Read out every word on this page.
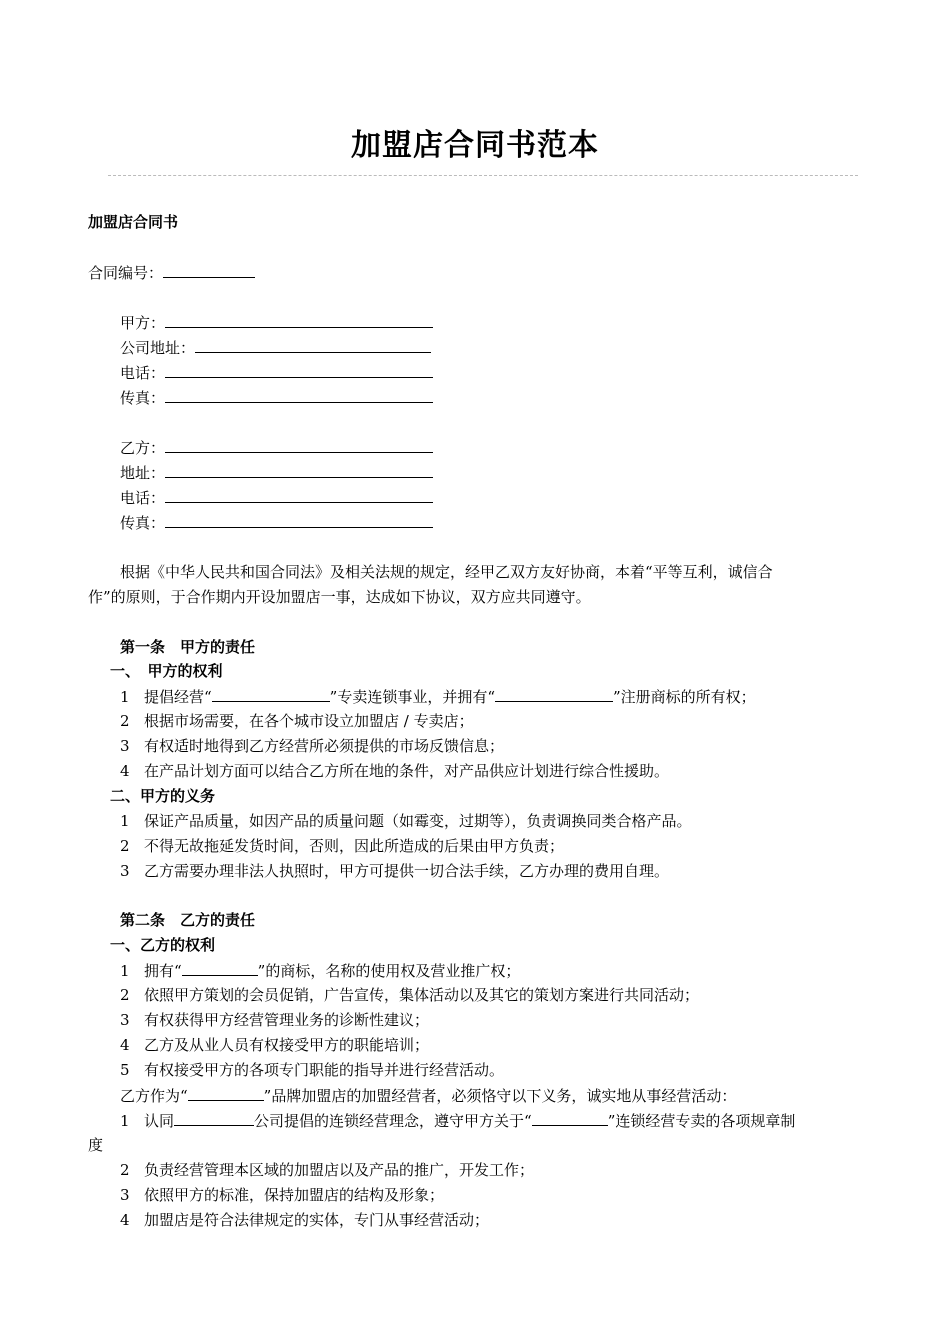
加盟店合同书范本

加盟店合同书

合同编号：

甲方：

公司地址：

电话：

传真：

乙方：

地址：

电话：

传真：

根据《中华人民共和国合同法》及相关法规的规定，经甲乙双方友好协商，本着“平等互利，诚信合

作”的原则，于合作期内开设加盟店一事，达成如下协议，双方应共同遵守。

第一条　甲方的责任

一、　甲方的权利

1 提倡经营“	”专卖连锁事业，并拥有“	”注册商标的所有权；

2 根据市场需要，在各个城市设立加盟店 / 专卖店；

3 有权适时地得到乙方经营所必须提供的市场反馈信息；

4 在产品计划方面可以结合乙方所在地的条件，对产品供应计划进行综合性援助。

二、甲方的义务

1 保证产品质量，如因产品的质量问题（如霉变，过期等），负责调换同类合格产品。

2 不得无故拖延发货时间，否则，因此所造成的后果由甲方负责；

3 乙方需要办理非法人执照时，甲方可提供一切合法手续，乙方办理的费用自理。

第二条　乙方的责任

一、乙方的权利

1 拥有“	”的商标，名称的使用权及营业推广权；

2 依照甲方策划的会员促销，广告宣传，集体活动以及其它的策划方案进行共同活动；

3 有权获得甲方经营管理业务的诊断性建议；

4 乙方及从业人员有权接受甲方的职能培训；

5 有权接受甲方的各项专门职能的指导并进行经营活动。

乙方作为“	”品牌加盟店的加盟经营者，必须恪守以下义务，诚实地从事经营活动：

1 认同	公司提倡的连锁经营理念，遵守甲方关于“	”连锁经营专卖的各项规章制

度

2 负责经营管理本区域的加盟店以及产品的推广，开发工作；

3 依照甲方的标准，保持加盟店的结构及形象；

4 加盟店是符合法律规定的实体，专门从事经营活动；
